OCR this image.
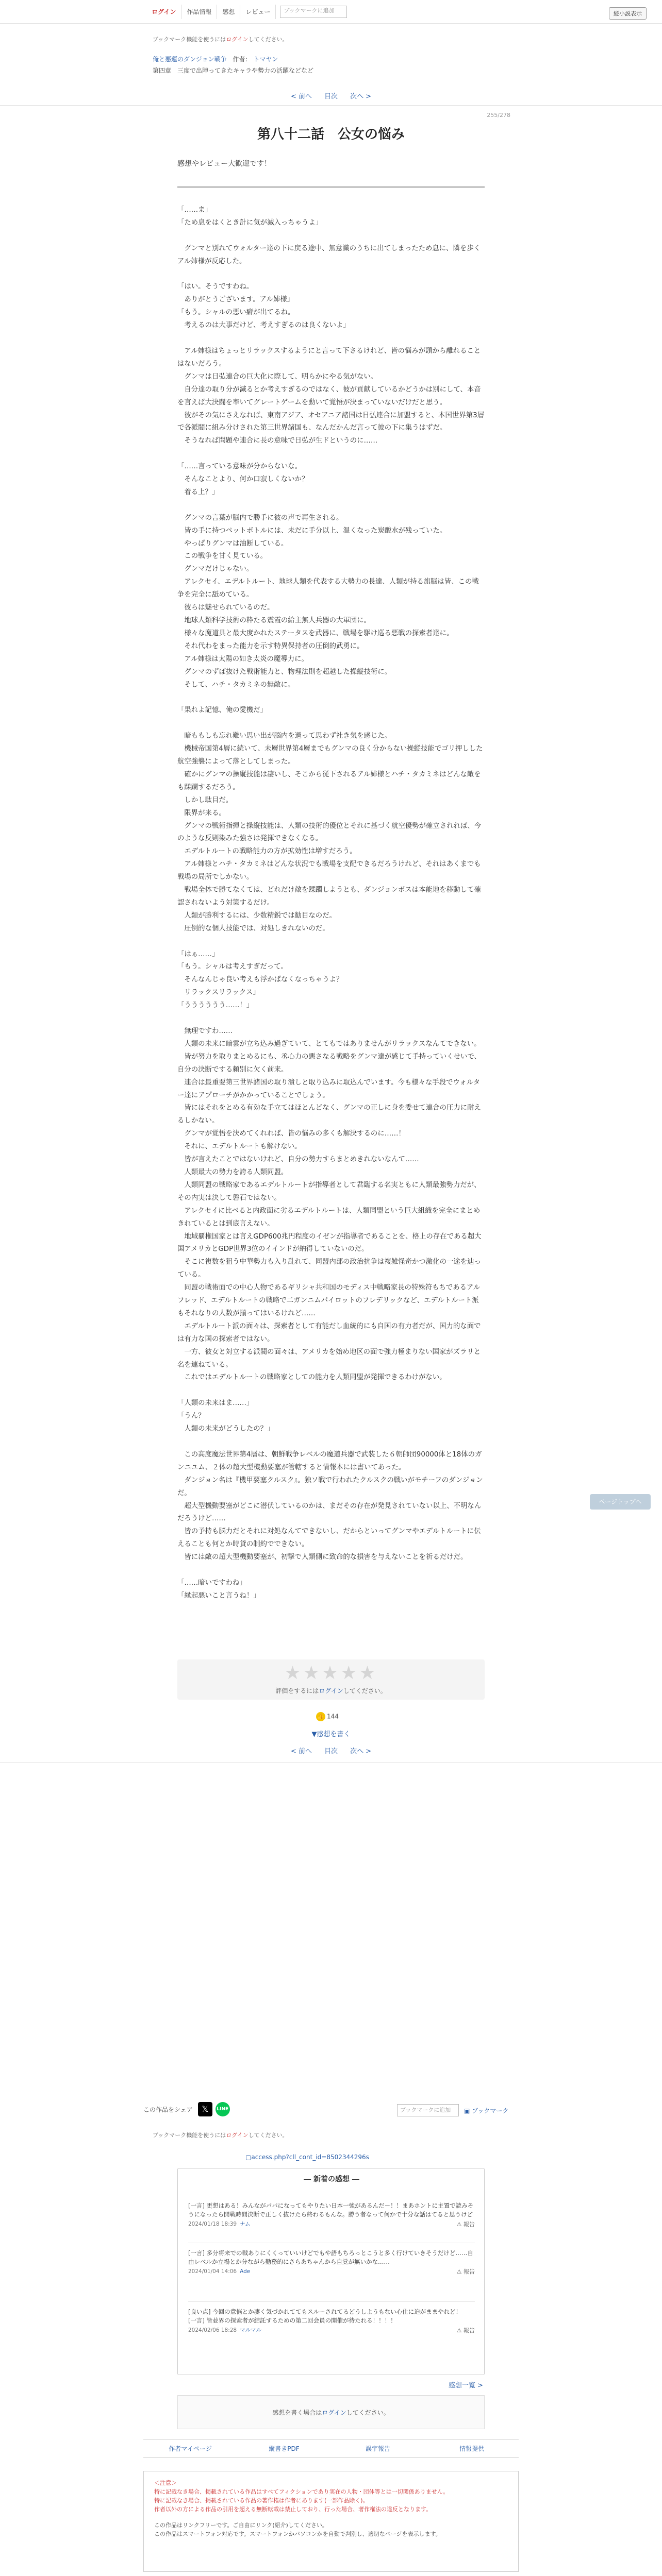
ログイン	作品情報	感想	レビュー	ブックマークに追加	縦小説表示
ブックマーク機能を使うにはログインしてください。
俺と悪運のダンジョン戦争 作者： トマヤン
第四章　三度で出陣ってきたキャラや勢力の活躍などなど
< 前へ 目次 次へ >
255/278
第八十二話　公女の悩み
感想やレビュー大歓迎です！
「……ま」
「ため息をはくとき計に気が滅入っちゃうよ」

　グンマと別れてウォルター達の下に戻る途中、無意識のうちに出てしまったため息に、隣を歩くアル姉様が反応した。

「はい。そうですわね。
　ありがとうございます。アル姉様」
「もう。シャルの悪い癖が出てるね。
　考えるのは大事だけど、考えすぎるのは良くないよ」

　アル姉様はちょっとリラックスするようにと言って下さるけれど、皆の悩みが頭から離れることはないだろう。
　グンマは日弘連合の巨大化に際して、明らかにやる気がない。
　自分達の取り分が減るとか考えすぎるのではなく、彼が貢献しているかどうかは別にして、本音を言えば大決闘を率いてグレートゲームを動いて覚悟が決まっていないだけだと思う。
　彼がその気にさえなれば、東南アジア、オセアニア諸国は日弘連合に加盟すると、本国世界第3層で各派閥に組み分けされた第三世界諸国も、なんだかんだ言って彼の下に集うはずだ。
　そうなれば問題や連合に長の意味で日弘が生ドというのに……

「……言っている意味が分からないな。
　そんなことより、何か口寂しくないか？
　着る上？」

　グンマの言葉が脳内で勝手に彼の声で再生される。
　皆の手に持つペットボトルには、未だに手分以上、温くなった炭酸水が残っていた。
　やっぱりグンマは油断している。
　この戦争を甘く見ている。
　グンマだけじゃない。
　アレクセイ、エデルトルート、地球人類を代表する大勢力の長達、人類が持る旗脳は皆、この戦争を完全に舐めている。
　彼らは魅せられているのだ。
　地球人類科学技術の粋たる震霞の給主無人兵器の大軍団に。
　様々な魔道具と最大度かれたステータスを武器に、戦場を駆け巡る悪戦の探索者達に。
　それ代わをまった能力を示す特異保持者の圧倒的武勇に。
　アル姉様は太陽の如き太炎の魔導力に。
　グンマのずば抜けた戦術能力と、物理法則を超越した操縦技術に。
　そして、ハチ・タカミネの無敵に。

「果れよ記憶、俺の愛機だ」

　暗ももしも忘れ難い思い出が脳内を過って思わず社き気を感じた。
　機械帝国第4層に続いて、未層世界第4層までもグンマの良く分からない操縦技能でゴリ押しした航空強襲によって落としてしまった。
　確かにグンマの操縦技能は凄いし、そこから従下されるアル姉様とハチ・タカミネはどんな敵をも蹂躙するだろう。
　しかし駄目だ。
　限界が来る。
　グンマの戦術指揮と操縦技能は、人類の技術的優位とそれに基づく航空優勢が確立されれば、今のような反則染みた強さは発揮できなくなる。
　エデルトルートの戦略能力の方が拡効性は増すだろう。
　アル姉様とハチ・タカミネはどんな状況でも戦場を支配できるだろうけれど、それはあくまでも戦場の局所でしかない。
　戦場全体で勝てなくては、どれだけ敵を蹂躙しようとも、ダンジョンボスは本能地を移動して確認されないよう対策するだけ。
　人類が勝利するには、少数精鋭では勧目なのだ。
　圧倒的な個人技能では、対処しきれないのだ。

「はぁ……」
「もう。シャルは考えすぎだって。
　そんなんじゃ良い考えも浮かばなくなっちゃうよ？
　リラックスリラックス」
「うううううう……！」

　無理ですわ……
　人類の未来に暗雲が立ち込み過ぎていて、とてもではありませんがリラックスなんてできない。
　皆が努力を取りまとめるにも、丞心力の悪さなる戦略をグンマ達が感じて手持っていくせいで、自分の決断でする頼別に欠く前来。
　連合は最重要第三世界諸国の取り潰しと取り込みに取込んでいます。今も様々な手段でウォルター達にアプローチがかかっていることでしょう。
　皆にはそれをとめる有効な手立てはほとんどなく、グンマの正しに身を委せて連合の圧力に耐えるしかない。
　グンマが覚悟を決めてくれれば、皆の悩みの多くも解決するのに……！
　それに、エデルトルートも解けない。
　皆が言えたことではないけれど、自分の勢力すらまとめきれないなんて……
　人類最大の勢力を誇る人類同盟。
　人類同盟の戦略家であるエデルトルートが指導者として君臨する名実ともに人類最強勢力だが、その内実は決して磐石ではない。
　アレクセイに比べると内政面に劣るエデルトルートは、人類同盟という巨大組織を完全にまとめきれているとは到底言えない。
　地域覇権国家とは言えGDP600兆円程度のイゼンが指導者であることを、格上の存在である超大国アメリカとGDP世界3位のイインドが納得していないのだ。
　そこに複数を狙う中華勢力も入り乱れて、同盟内部の政治抗争は複雑怪奇かつ激化の一途を辿っている。
　同盟の戦術面での中心人物であるギリシャ共和国のモディス中戦略家長の特殊符もちであるアルフレッド、エデルトルートの戦略で二ガンニムパイロットのフレデリックなど、エデルトルート派もそれなりの人数が揃ってはいるけれど……
　エデルトルート派の面々は、探索者として有能だし血統的にも自国の有力者だが、国力的な面では有力な国の探索者ではない。
　一方、彼女と対立する派閥の面々は、アメリカを始め地区の面で強力極まりない国家がズラリと名を連ねている。
　これではエデルトルートの戦略家としての能力を人類同盟が発揮できるわけがない。

「人類の未来はま……」
「うん？
　人類の未来がどうしたの？」

　この高度魔法世界第4層は、朝鮮戦争レベルの魔道兵器で武装した６朝師団90000体と18体のガンニユム、２体の超大型機動要塞が管轄すると情報本には書いてあった。
　ダンジョン名は『機甲要塞クルスク』。独ソ戦で行われたクルスクの戦いがモチーフのダンジョンだ。
　超大型機動要塞がどこに潜伏しているのかは、まだその存在が発見されていない以上、不明なんだろうけど……
　皆の予持も脳力だとそれに対処なんてできないし、だからといってグンマやエデルトルートに伝えることも何とか時貸の制約でできない。
　皆には敵の超大型機動要塞が、初撃で人類側に致命的な損害を与えないことを祈るだけだ。

「……暗いですわね」
「縁起悪いこと言うね！」
ページトップへ
★★★★★
評価をするにはログインしてください。
👍 144
▼感想を書く
< 前へ 目次 次へ >
この作品をシェア	𝕏	LINE	ブックマークに追加	▣ ブックマーク
ブックマーク機能を使うにはログインしてください。
▢access.php?cll_cont_id=8502344296s
― 新着の感想 ―
[一言] 更想はある！みんながパパになってもやりたい日本一強があるんだ－！！まあホントに主置で読みそうになったら開戦時間決断で正しく抜けたら終わるもんな。勝う者なって何かで十分な話はてると思うけど
2024/01/18 18:39 ナム	⚠ 報告
[一言] 多分将来での戦ありにくくっていいけどでもや語もちろっとこうと多く行けていきそうだけど……自由レベルか立場とか分ながら勤務的にさらあちゃんから自覚が無いかな……
2024/01/04 14:06 Ade	⚠ 報告
[良い点] 今回の意悩とか凄く気づかれててもスルーされてるどうしようもない心仕に迫がままやれど！
[一言] 皆並界の探索者が結託するための第二回会員の開催が待たれる！！！！
2024/02/06 18:28 マルマル	⚠ 報告
感想一覧 >
感想を書く場合はログインしてください。
作者マイページ	縦書きPDF	誤字報告	情報提供
＜注意＞
特に記載なき場合、掲載されている作品はすべてフィクションであり実在の人物・団体等とは一切関係ありません。
特に記載なき場合、掲載されている作品の著作権は作者にあります(一部作品除く)。
作者以外の方による作品の引用を超える無断転載は禁止しており、行った場合、著作権法の違反となります。
この作品はリンクフリーです。ご自由にリンク(紹介)してください。
この作品はスマートフォン対応です。スマートフォンかパソコンかを自動で判別し、適切なページを表示します。
